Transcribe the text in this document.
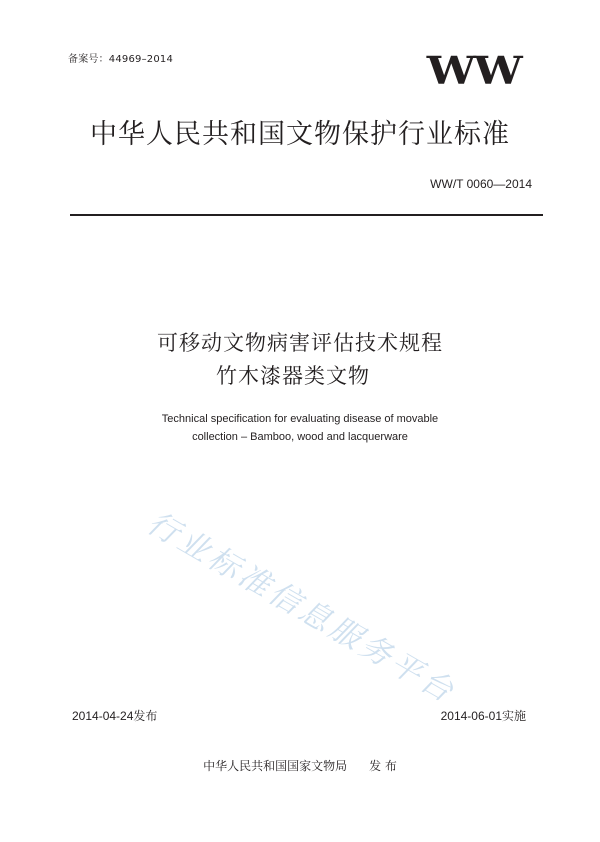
备案号：44969–2014	WW
中华人民共和国文物保护行业标准
WW/T 0060—2014
可移动文物病害评估技术规程
竹木漆器类文物
Technical specification for evaluating disease of movable
collection – Bamboo, wood and lacquerware
行业标准信息服务平台
2014-04-24发布	2014-06-01实施
中华人民共和国国家文物局 发 布
